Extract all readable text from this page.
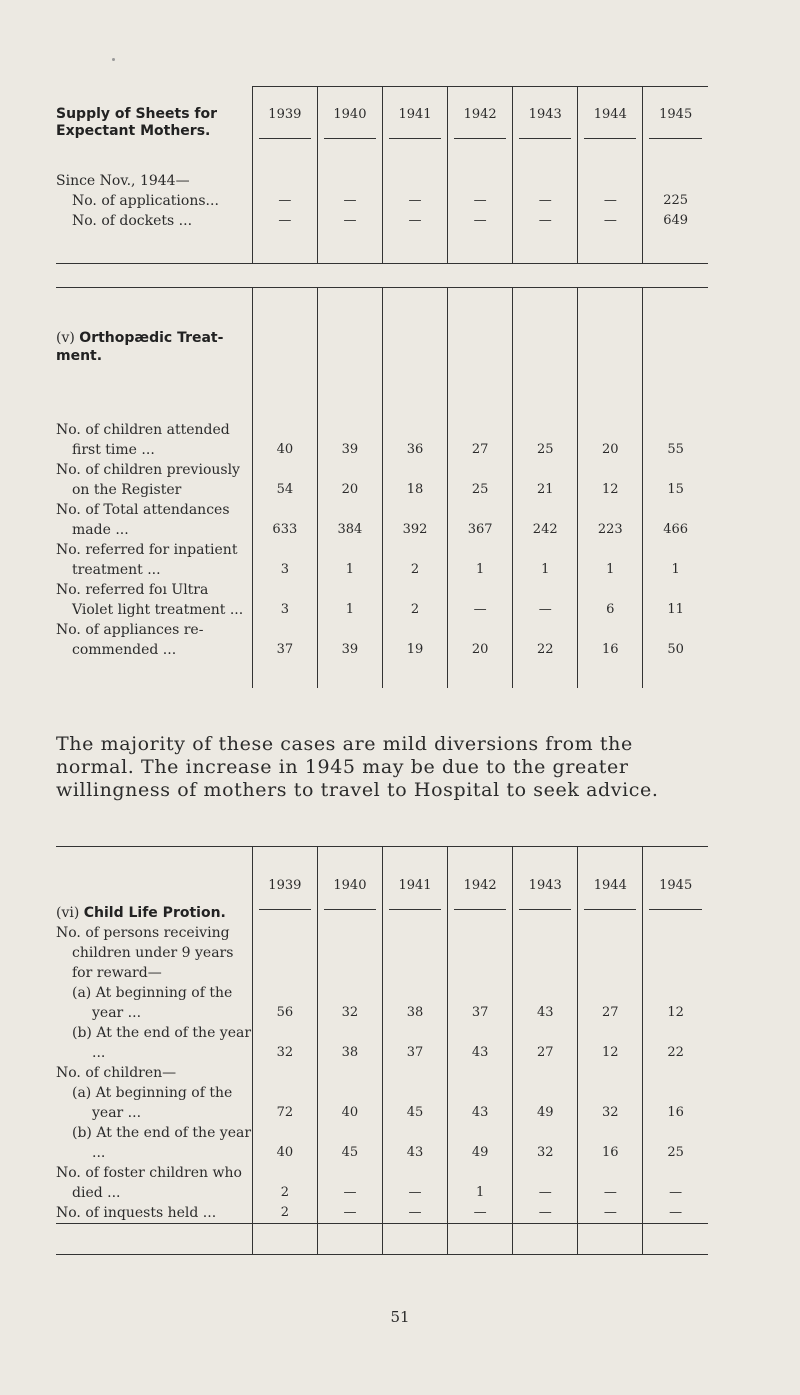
Supply of Sheets for Expectant Mothers.	1939	1940	1941	1942	1943	1944	1945

Since Nov., 1944—
No. of applications...	—	—	—	—	—	—	225

No. of dockets ...	—	—	—	—	—	—	649
(v) Orthopædic Treatment.							

No. of children attended first time ...	40	39	36	27	25	20	55

No. of children previously on the Register	54	20	18	25	21	12	15

No. of Total attendances made ...	633	384	392	367	242	223	466

No. referred for inpatient treatment ...	3	1	2	1	1	1	1

No. referred foı Ultra Violet light treatment ...	3	1	2	—	—	6	11

No. of appliances recommended ...	37	39	19	20	22	16	50

The majority of these cases are mild diversions from the normal. The increase in 1945 may be due to the greater willingness of mothers to travel to Hospital to seek advice.

(vi) Child Life Protion.	1939	1940	1941	1942	1943	1944	1945

No. of persons receiving children under 9 years for reward—
(a) At beginning of the year ...	56	32	38	37	43	27	12

(b) At the end of the year ...	32	38	37	43	27	12	22

No. of children—
(a) At beginning of the year ...	72	40	45	43	49	32	16

(b) At the end of the year ...	40	45	43	49	32	16	25

No. of foster children who died ...	2	—	—	1	—	—	—

No. of inquests held ...	2	—	—	—	—	—	—

51
